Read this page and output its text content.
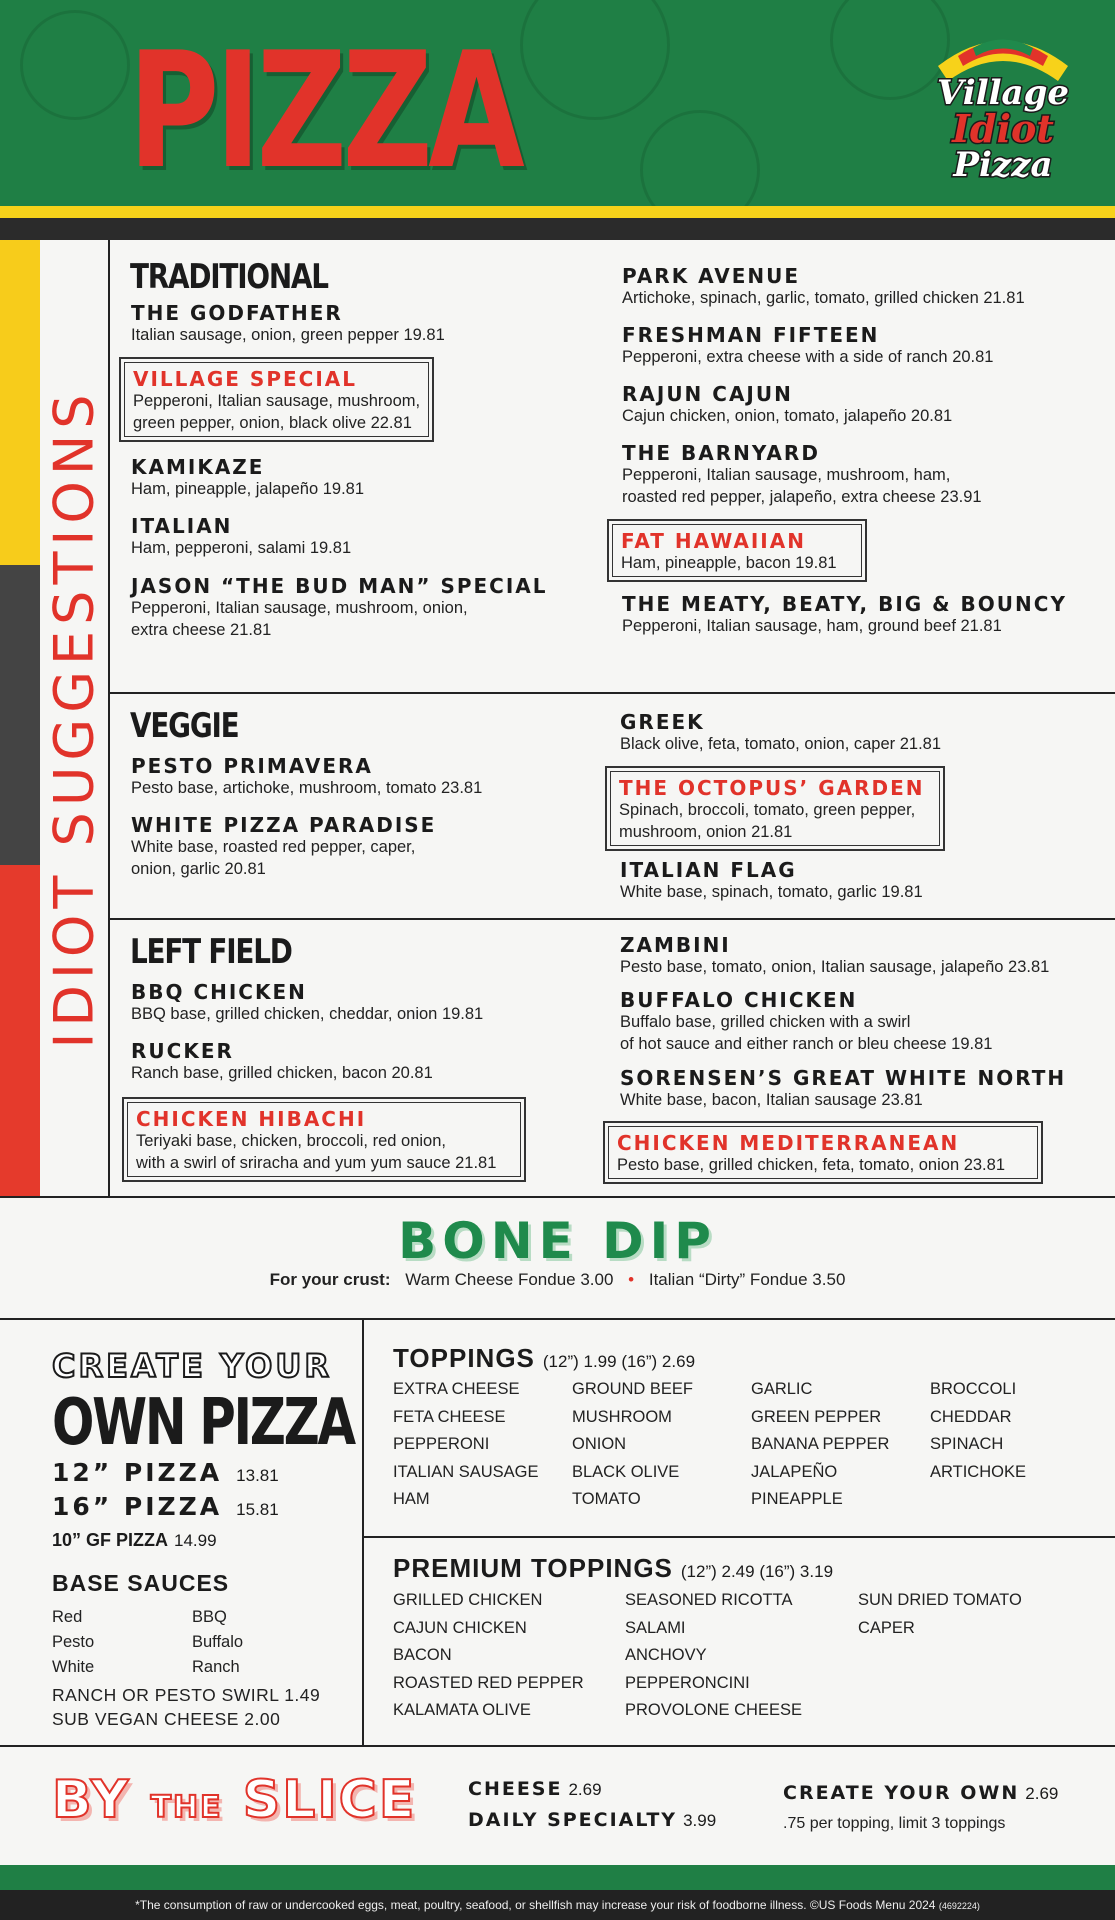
PIZZA	Village
Idiot
Pizza
IDIOT SUGGESTIONS
TRADITIONAL
THE GODFATHER
Italian sausage, onion, green pepper 19.81
VILLAGE SPECIAL
Pepperoni, Italian sausage, mushroom,
green pepper, onion, black olive 22.81
KAMIKAZE
Ham, pineapple, jalapeño 19.81
ITALIAN
Ham, pepperoni, salami 19.81
JASON “THE BUD MAN” SPECIAL
Pepperoni, Italian sausage, mushroom, onion,
extra cheese 21.81
PARK AVENUE
Artichoke, spinach, garlic, tomato, grilled chicken 21.81
FRESHMAN FIFTEEN
Pepperoni, extra cheese with a side of ranch 20.81
RAJUN CAJUN
Cajun chicken, onion, tomato, jalapeño 20.81
THE BARNYARD
Pepperoni, Italian sausage, mushroom, ham,
roasted red pepper, jalapeño, extra cheese 23.91
FAT HAWAIIAN
Ham, pineapple, bacon 19.81
THE MEATY, BEATY, BIG & BOUNCY
Pepperoni, Italian sausage, ham, ground beef 21.81
VEGGIE
PESTO PRIMAVERA
Pesto base, artichoke, mushroom, tomato 23.81
WHITE PIZZA PARADISE
White base, roasted red pepper, caper,
onion, garlic 20.81
GREEK
Black olive, feta, tomato, onion, caper 21.81
THE OCTOPUS’ GARDEN
Spinach, broccoli, tomato, green pepper,
mushroom, onion 21.81
ITALIAN FLAG
White base, spinach, tomato, garlic 19.81
LEFT FIELD
BBQ CHICKEN
BBQ base, grilled chicken, cheddar, onion 19.81
RUCKER
Ranch base, grilled chicken, bacon 20.81
CHICKEN HIBACHI
Teriyaki base, chicken, broccoli, red onion,
with a swirl of sriracha and yum yum sauce 21.81
ZAMBINI
Pesto base, tomato, onion, Italian sausage, jalapeño 23.81
BUFFALO CHICKEN
Buffalo base, grilled chicken with a swirl
of hot sauce and either ranch or bleu cheese 19.81
SORENSEN’S GREAT WHITE NORTH
White base, bacon, Italian sausage 23.81
CHICKEN MEDITERRANEAN
Pesto base, grilled chicken, feta, tomato, onion 23.81
BONE DIP
For your crust: Warm Cheese Fondue 3.00 • Italian “Dirty” Fondue 3.50
CREATE YOUR
OWN PIZZA
12” PIZZA 13.81
16” PIZZA 15.81
10” GF PIZZA 14.99
BASE SAUCES
Red
Pesto
White
BBQ
Buffalo
Ranch
RANCH OR PESTO SWIRL 1.49
SUB VEGAN CHEESE 2.00
TOPPINGS (12”) 1.99 (16”) 2.69
EXTRA CHEESE
FETA CHEESE
PEPPERONI
ITALIAN SAUSAGE
HAM
GROUND BEEF
MUSHROOM
ONION
BLACK OLIVE
TOMATO
GARLIC
GREEN PEPPER
BANANA PEPPER
JALAPEÑO
PINEAPPLE
BROCCOLI
CHEDDAR
SPINACH
ARTICHOKE
PREMIUM TOPPINGS (12”) 2.49 (16”) 3.19
GRILLED CHICKEN
CAJUN CHICKEN
BACON
ROASTED RED PEPPER
KALAMATA OLIVE
SEASONED RICOTTA
SALAMI
ANCHOVY
PEPPERONCINI
PROVOLONE CHEESE
SUN DRIED TOMATO
CAPER
BY THE SLICE	CHEESE 2.69
DAILY SPECIALTY 3.99
CREATE YOUR OWN 2.69
.75 per topping, limit 3 toppings
*The consumption of raw or undercooked eggs, meat, poultry, seafood, or shellfish may increase your risk of foodborne illness. ©US Foods Menu 2024 (4692224)
